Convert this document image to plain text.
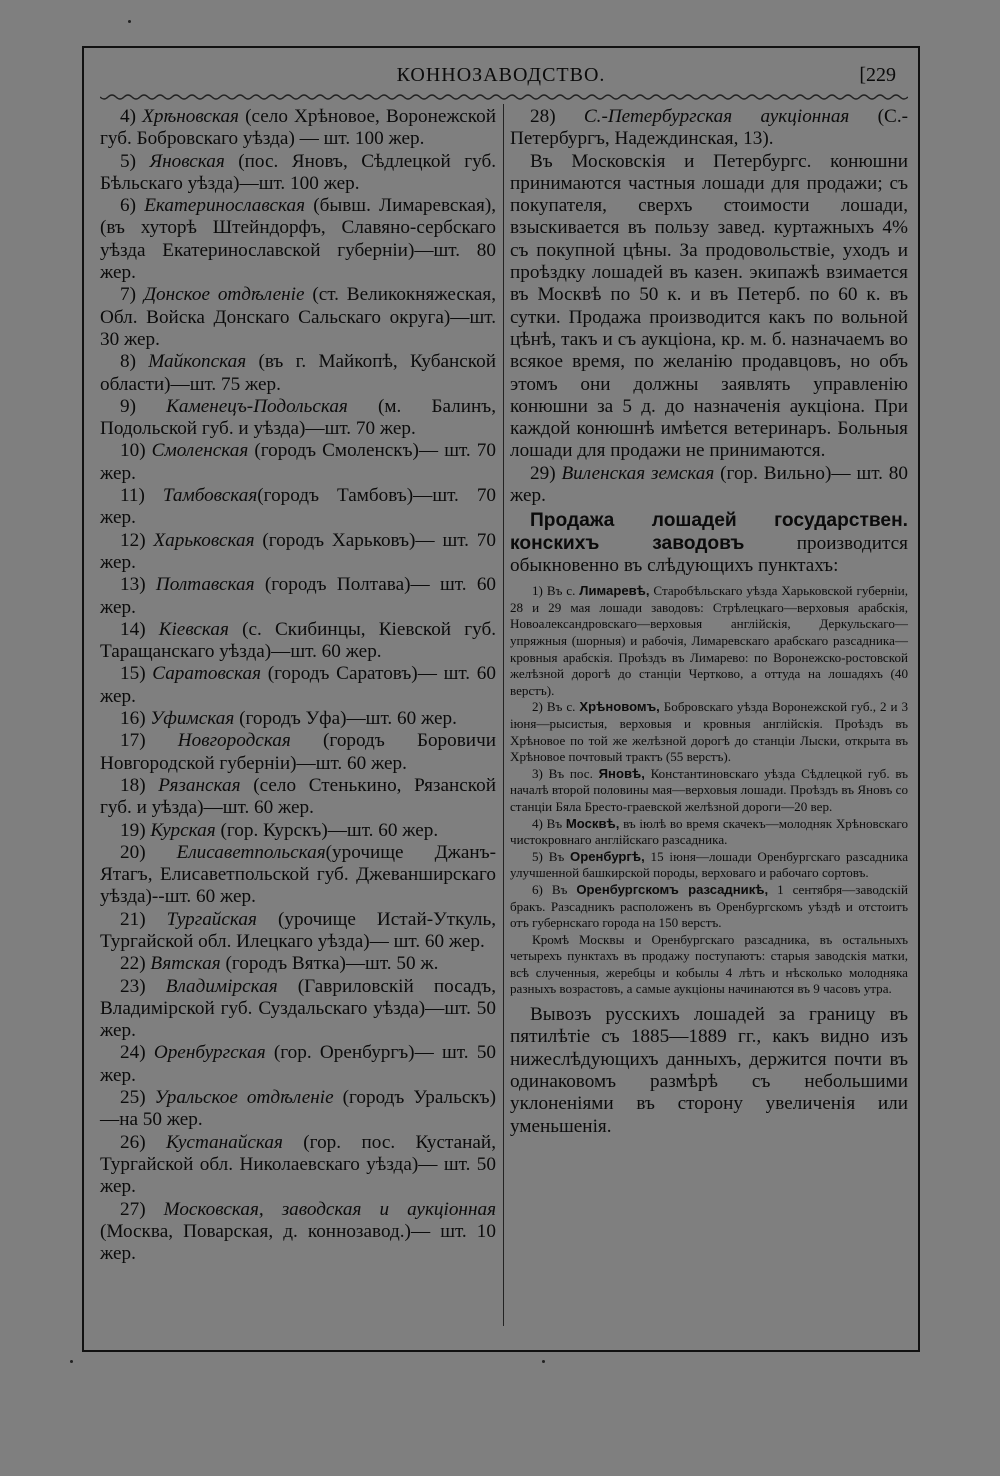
КОННОЗАВОДСТВО.	[229

4) Хрѣновская (село Хрѣновое, Воронежской губ. Бобровскаго уѣзда) — шт. 100 жер.

5) Яновская (пос. Яновъ, Сѣдлецкой губ. Бѣльскаго уѣзда)—шт. 100 жер.

6) Екатеринославская (бывш. Лимаревская), (въ хуторѣ Штейндорфъ, Славяно-сербскаго уѣзда Екатеринославской губерніи)—шт. 80 жер.

7) Донское отдѣленіе (ст. Великокняжеская, Обл. Войска Донскаго Сальскаго округа)—шт. 30 жер.

8) Майкопская (въ г. Майкопѣ, Кубанской области)—шт. 75 жер.

9) Каменецъ-Подольская (м. Балинъ, Подольской губ. и уѣзда)—шт. 70 жер.

10) Смоленская (городъ Смоленскъ)— шт. 70 жер.

11) Тамбовская(городъ Тамбовъ)—шт. 70 жер.

12) Харьковская (городъ Харьковъ)— шт. 70 жер.

13) Полтавская (городъ Полтава)— шт. 60 жер.

14) Кіевская (с. Скибинцы, Кіевской губ. Таращанскаго уѣзда)—шт. 60 жер.

15) Саратовская (городъ Саратовъ)— шт. 60 жер.

16) Уфимская (городъ Уфа)—шт. 60 жер.

17) Новгородская (городъ Боровичи Новгородской губерніи)—шт. 60 жер.

18) Рязанская (село Стенькино, Рязанской губ. и уѣзда)—шт. 60 жер.

19) Курская (гор. Курскъ)—шт. 60 жер.

20) Елисаветпольская(урочище Джанъ-Ятагъ, Елисаветпольской губ. Джеванширскаго уѣзда)--шт. 60 жер.

21) Тургайская (урочище Истай-Уткуль, Тургайской обл. Илецкаго уѣзда)— шт. 60 жер.

22) Вятская (городъ Вятка)—шт. 50 ж.

23) Владимірская (Гавриловскій посадъ, Владимірской губ. Суздальскаго уѣзда)—шт. 50 жер.

24) Оренбургская (гор. Оренбургъ)— шт. 50 жер.

25) Уральское отдѣленіе (городъ Уральскъ)—на 50 жер.

26) Кустанайская (гор. пос. Кустанай, Тургайской обл. Николаевскаго уѣзда)— шт. 50 жер.

27) Московская, заводская и аукціонная (Москва, Поварская, д. коннозавод.)— шт. 10 жер.

28) С.-Петербургская аукціонная (С.-Петербургъ, Надеждинская, 13).

Въ Московскія и Петербургс. конюшни принимаются частныя лошади для продажи; съ покупателя, сверхъ стоимости лошади, взыскивается въ пользу завед. куртажныхъ 4% съ покупной цѣны. За продовольствіе, уходъ и проѣздку лошадей въ казен. экипажѣ взимается въ Москвѣ по 50 к. и въ Петерб. по 60 к. въ сутки. Продажа производится какъ по вольной цѣнѣ, такъ и съ аукціона, кр. м. б. назначаемъ во всякое время, по желанію продавцовъ, но объ этомъ они должны заявлять управленію конюшни за 5 д. до назначенія аукціона. При каждой конюшнѣ имѣется ветеринаръ. Больныя лошади для продажи не принимаются.

29) Виленская земская (гор. Вильно)— шт. 80 жер.

Продажа лошадей государствен. конскихъ заводовъ производится обыкновенно въ слѣдующихъ пунктахъ:

1) Въ с. Лимаревѣ, Старобѣльскаго уѣзда Харьковской губерніи, 28 и 29 мая лошади заводовъ: Стрѣлецкаго—верховыя арабскія, Новоалександровскаго—верховыя англійскія, Деркульскаго—упряжныя (шорныя) и рабочія, Лимаревскаго арабскаго разсадника—кровныя арабскія. Проѣздъ въ Лимарево: по Воронежско-ростовской желѣзной дорогѣ до станціи Чертково, а оттуда на лошадяхъ (40 верстъ).

2) Въ с. Хрѣновомъ, Бобровскаго уѣзда Воронежской губ., 2 и 3 іюня—рысистыя, верховыя и кровныя англійскія. Проѣздъ въ Хрѣновое по той же желѣзной дорогѣ до станціи Лыски, открыта въ Хрѣновое почтовый трактъ (55 верстъ).

3) Въ пос. Яновѣ, Константиновскаго уѣзда Сѣдлецкой губ. въ началѣ второй половины мая—верховыя лошади. Проѣздъ въ Яновъ со станціи Бяла Бресто-граевской желѣзной дороги—20 вер.

4) Въ Москвѣ, въ іюлѣ во время скачекъ—молодняк Хрѣновскаго чистокровнаго англійскаго разсадника.

5) Въ Оренбургѣ, 15 іюня—лошади Оренбургскаго разсадника улучшенной башкирской породы, верховаго и рабочаго сортовъ.

6) Въ Оренбургскомъ разсадникѣ, 1 сентября—заводскій бракъ. Разсадникъ расположенъ въ Оренбургскомъ уѣздѣ и отстоитъ отъ губернскаго города на 150 верстъ.

Кромѣ Москвы и Оренбургскаго разсадника, въ остальныхъ четырехъ пунктахъ въ продажу поступаютъ: старыя заводскія матки, всѣ слученныя, жеребцы и кобылы 4 лѣтъ и нѣсколько молодняка разныхъ возрастовъ, а самые аукціоны начинаются въ 9 часовъ утра.

Вывозъ русскихъ лошадей за границу въ пятилѣтіе съ 1885—1889 гг., какъ видно изъ нижеслѣдующихъ данныхъ, держится почти въ одинаковомъ размѣрѣ съ небольшими уклоненіями въ сторону увеличенія или уменьшенія.
